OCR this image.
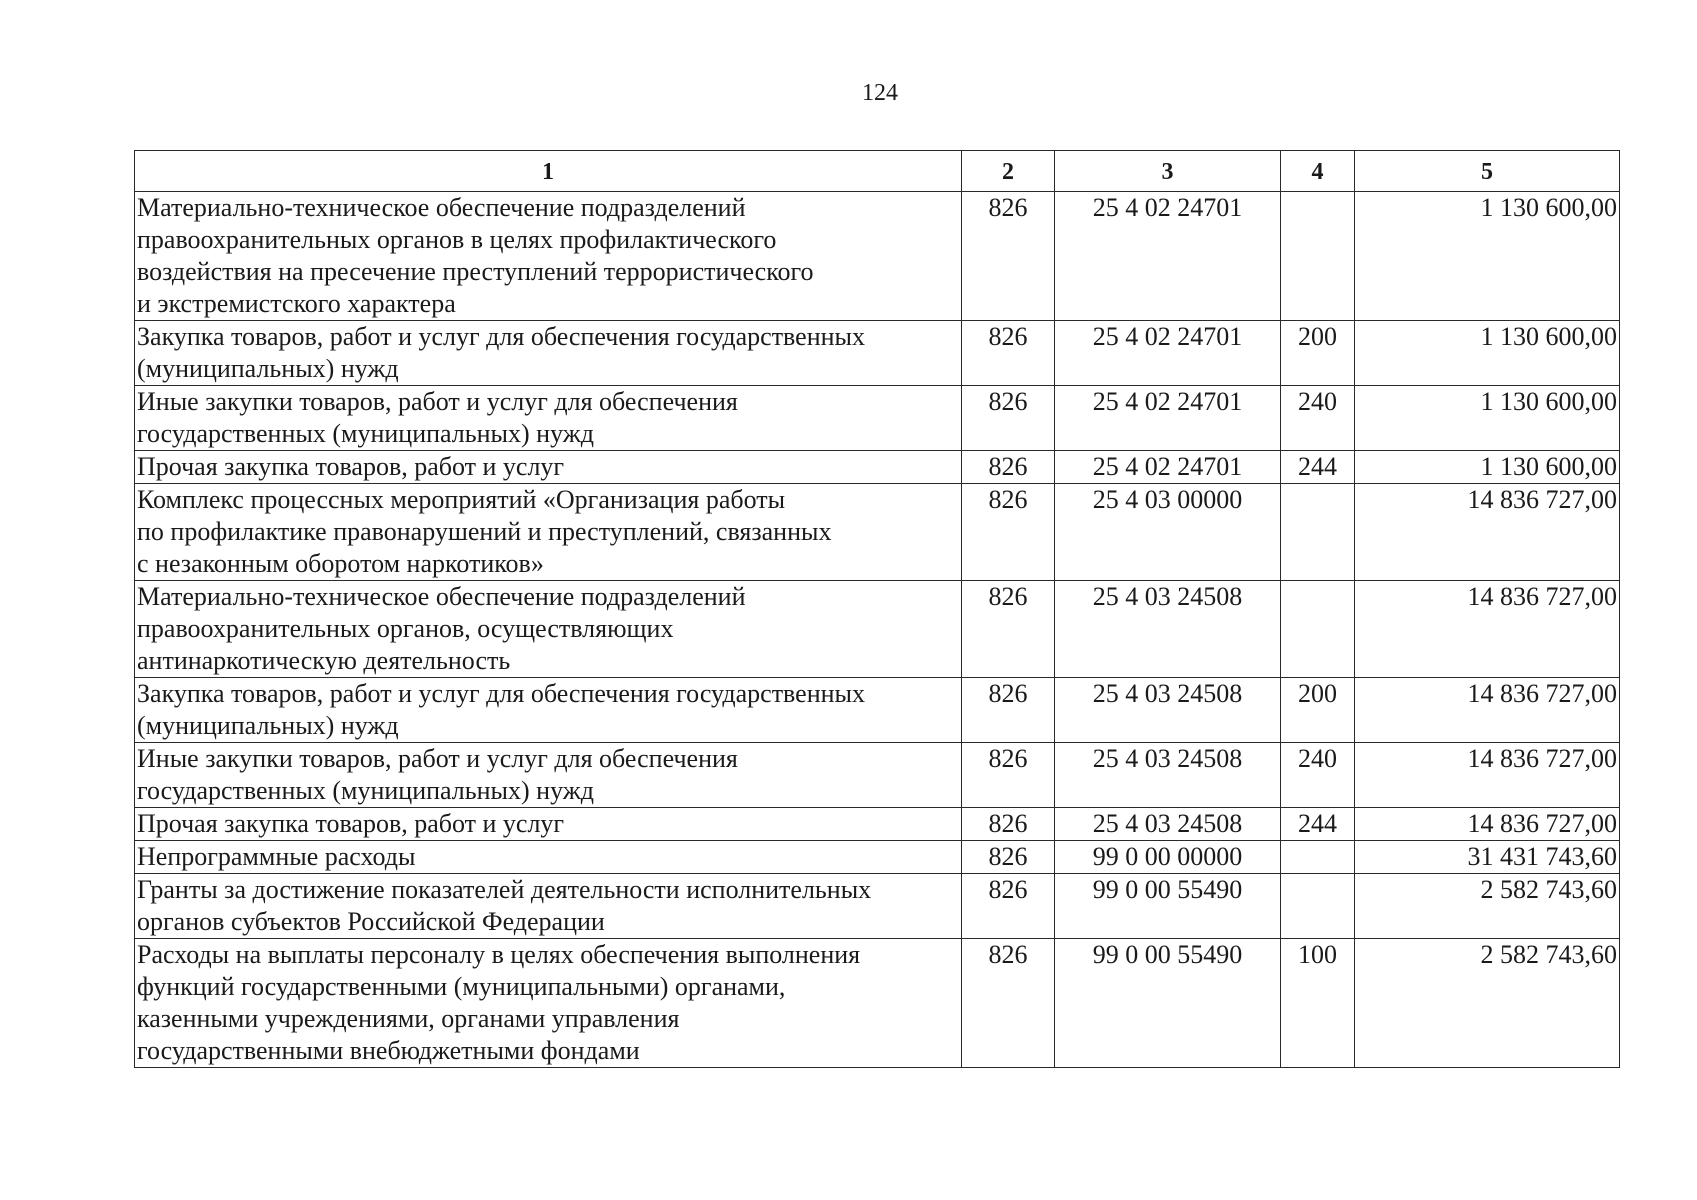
124
1	2	3	4	5
Материально-техническое обеспечение подразделений
правоохранительных органов в целях профилактического
воздействия на пресечение преступлений террористического
и экстремистского характера	826	25 4 02 24701		1 130 600,00
Закупка товаров, работ и услуг для обеспечения государственных
(муниципальных) нужд	826	25 4 02 24701	200	1 130 600,00
Иные закупки товаров, работ и услуг для обеспечения
государственных (муниципальных) нужд	826	25 4 02 24701	240	1 130 600,00
Прочая закупка товаров, работ и услуг	826	25 4 02 24701	244	1 130 600,00
Комплекс процессных мероприятий «Организация работы
по профилактике правонарушений и преступлений, связанных
с незаконным оборотом наркотиков»	826	25 4 03 00000		14 836 727,00
Материально-техническое обеспечение подразделений
правоохранительных органов, осуществляющих
антинаркотическую деятельность	826	25 4 03 24508		14 836 727,00
Закупка товаров, работ и услуг для обеспечения государственных
(муниципальных) нужд	826	25 4 03 24508	200	14 836 727,00
Иные закупки товаров, работ и услуг для обеспечения
государственных (муниципальных) нужд	826	25 4 03 24508	240	14 836 727,00
Прочая закупка товаров, работ и услуг	826	25 4 03 24508	244	14 836 727,00
Непрограммные расходы	826	99 0 00 00000		31 431 743,60
Гранты за достижение показателей деятельности исполнительных
органов субъектов Российской Федерации	826	99 0 00 55490		2 582 743,60
Расходы на выплаты персоналу в целях обеспечения выполнения
функций государственными (муниципальными) органами,
казенными учреждениями, органами управления
государственными внебюджетными фондами	826	99 0 00 55490	100	2 582 743,60
